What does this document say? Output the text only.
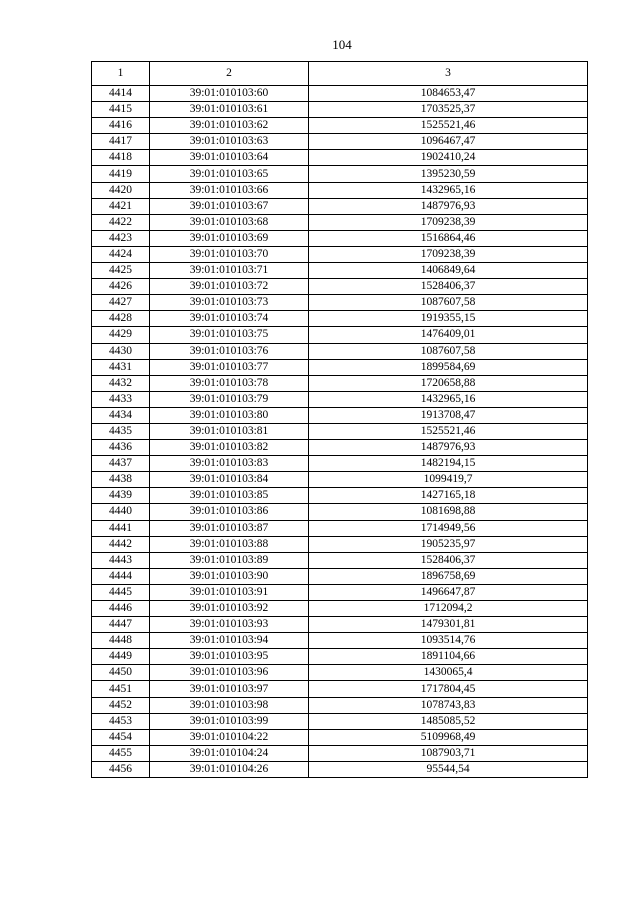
104
1	2	3
4414	39:01:010103:60	1084653,47
4415	39:01:010103:61	1703525,37
4416	39:01:010103:62	1525521,46
4417	39:01:010103:63	1096467,47
4418	39:01:010103:64	1902410,24
4419	39:01:010103:65	1395230,59
4420	39:01:010103:66	1432965,16
4421	39:01:010103:67	1487976,93
4422	39:01:010103:68	1709238,39
4423	39:01:010103:69	1516864,46
4424	39:01:010103:70	1709238,39
4425	39:01:010103:71	1406849,64
4426	39:01:010103:72	1528406,37
4427	39:01:010103:73	1087607,58
4428	39:01:010103:74	1919355,15
4429	39:01:010103:75	1476409,01
4430	39:01:010103:76	1087607,58
4431	39:01:010103:77	1899584,69
4432	39:01:010103:78	1720658,88
4433	39:01:010103:79	1432965,16
4434	39:01:010103:80	1913708,47
4435	39:01:010103:81	1525521,46
4436	39:01:010103:82	1487976,93
4437	39:01:010103:83	1482194,15
4438	39:01:010103:84	1099419,7
4439	39:01:010103:85	1427165,18
4440	39:01:010103:86	1081698,88
4441	39:01:010103:87	1714949,56
4442	39:01:010103:88	1905235,97
4443	39:01:010103:89	1528406,37
4444	39:01:010103:90	1896758,69
4445	39:01:010103:91	1496647,87
4446	39:01:010103:92	1712094,2
4447	39:01:010103:93	1479301,81
4448	39:01:010103:94	1093514,76
4449	39:01:010103:95	1891104,66
4450	39:01:010103:96	1430065,4
4451	39:01:010103:97	1717804,45
4452	39:01:010103:98	1078743,83
4453	39:01:010103:99	1485085,52
4454	39:01:010104:22	5109968,49
4455	39:01:010104:24	1087903,71
4456	39:01:010104:26	95544,54
